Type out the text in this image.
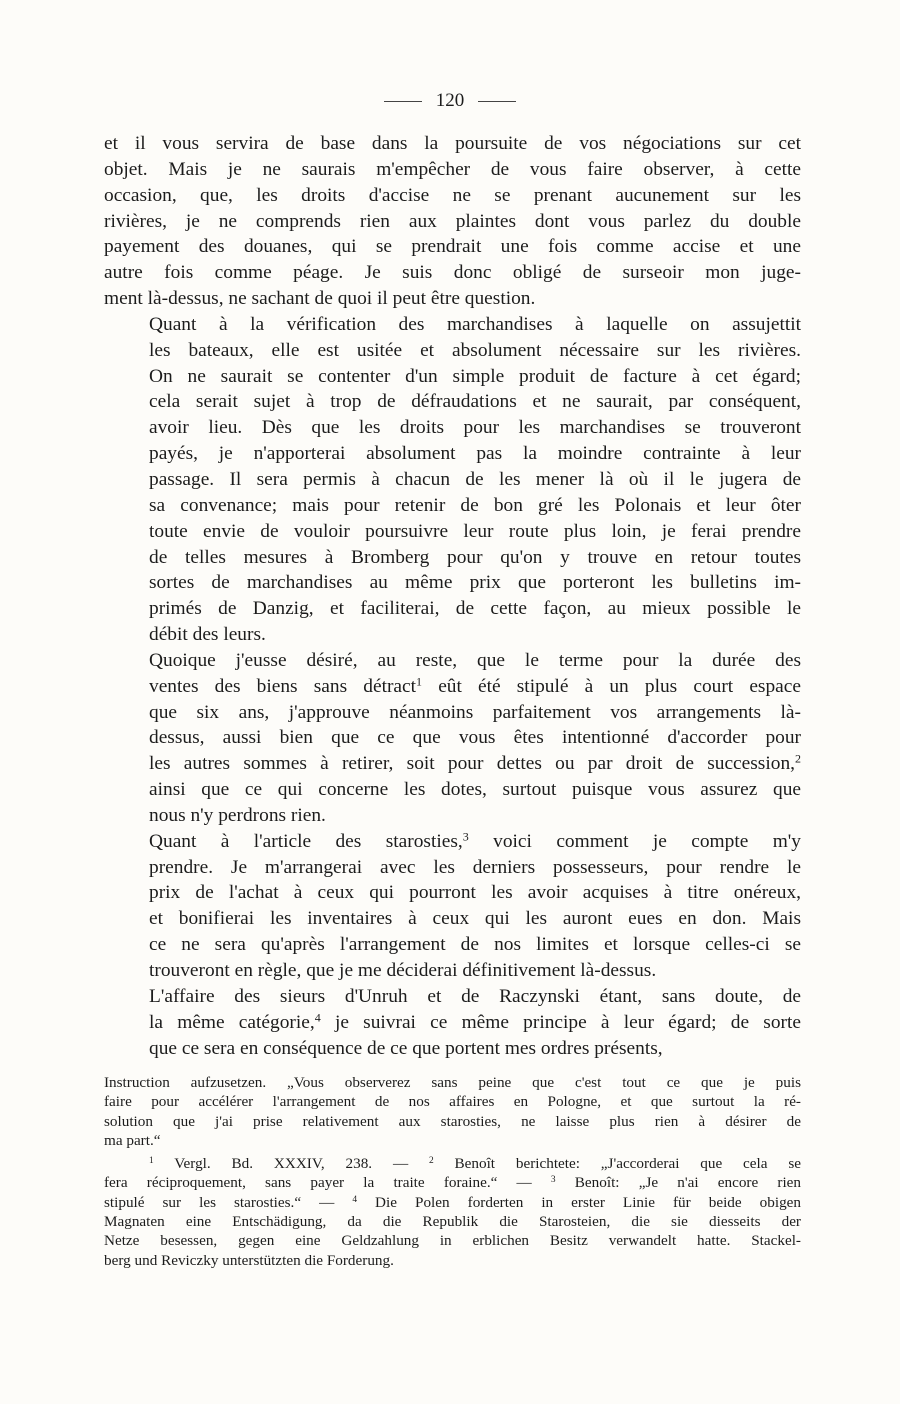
120

et il vous servira de base dans la poursuite de vos négociations sur cet
objet. Mais je ne saurais m'empêcher de vous faire observer, à cette
occasion, que, les droits d'accise ne se prenant aucunement sur les
rivières, je ne comprends rien aux plaintes dont vous parlez du double
payement des douanes, qui se prendrait une fois comme accise et une
autre fois comme péage. Je suis donc obligé de surseoir mon juge-
ment là-dessus, ne sachant de quoi il peut être question.

Quant à la vérification des marchandises à laquelle on assujettit
les bateaux, elle est usitée et absolument nécessaire sur les rivières.
On ne saurait se contenter d'un simple produit de facture à cet égard;
cela serait sujet à trop de défraudations et ne saurait, par conséquent,
avoir lieu. Dès que les droits pour les marchandises se trouveront
payés, je n'apporterai absolument pas la moindre contrainte à leur
passage. Il sera permis à chacun de les mener là où il le jugera de
sa convenance; mais pour retenir de bon gré les Polonais et leur ôter
toute envie de vouloir poursuivre leur route plus loin, je ferai prendre
de telles mesures à Bromberg pour qu'on y trouve en retour toutes
sortes de marchandises au même prix que porteront les bulletins im-
primés de Danzig, et faciliterai, de cette façon, au mieux possible le
débit des leurs.

Quoique j'eusse désiré, au reste, que le terme pour la durée des
ventes des biens sans détract$^1$ eût été stipulé à un plus court espace
que six ans, j'approuve néanmoins parfaitement vos arrangements là-
dessus, aussi bien que ce que vous êtes intentionné d'accorder pour
les autres sommes à retirer, soit pour dettes ou par droit de succession,$^2$
ainsi que ce qui concerne les dotes, surtout puisque vous assurez que
nous n'y perdrons rien.

Quant à l'article des starosties,$^3$ voici comment je compte m'y
prendre. Je m'arrangerai avec les derniers possesseurs, pour rendre le
prix de l'achat à ceux qui pourront les avoir acquises à titre onéreux,
et bonifierai les inventaires à ceux qui les auront eues en don. Mais
ce ne sera qu'après l'arrangement de nos limites et lorsque celles-ci se
trouveront en règle, que je me déciderai définitivement là-dessus.

L'affaire des sieurs d'Unruh et de Raczynski étant, sans doute, de
la même catégorie,$^4$ je suivrai ce même principe à leur égard; de sorte
que ce sera en conséquence de ce que portent mes ordres présents,

Instruction aufzusetzen. „Vous observerez sans peine que c'est tout ce que je puis
faire pour accélérer l'arrangement de nos affaires en Pologne, et que surtout la ré-
solution que j'ai prise relativement aux starosties, ne laisse plus rien à désirer de
ma part.“
$^1$ Vergl. Bd. XXXIV, 238. — $^2$ Benoît berichtete: „J'accorderai que cela se
fera réciproquement, sans payer la traite foraine.“ — $^3$ Benoît: „Je n'ai encore rien
stipulé sur les starosties.“ — $^4$ Die Polen forderten in erster Linie für beide obigen
Magnaten eine Entschädigung, da die Republik die Starosteien, die sie diesseits der
Netze besessen, gegen eine Geldzahlung in erblichen Besitz verwandelt hatte. Stackel-
berg und Reviczky unterstützten die Forderung.
